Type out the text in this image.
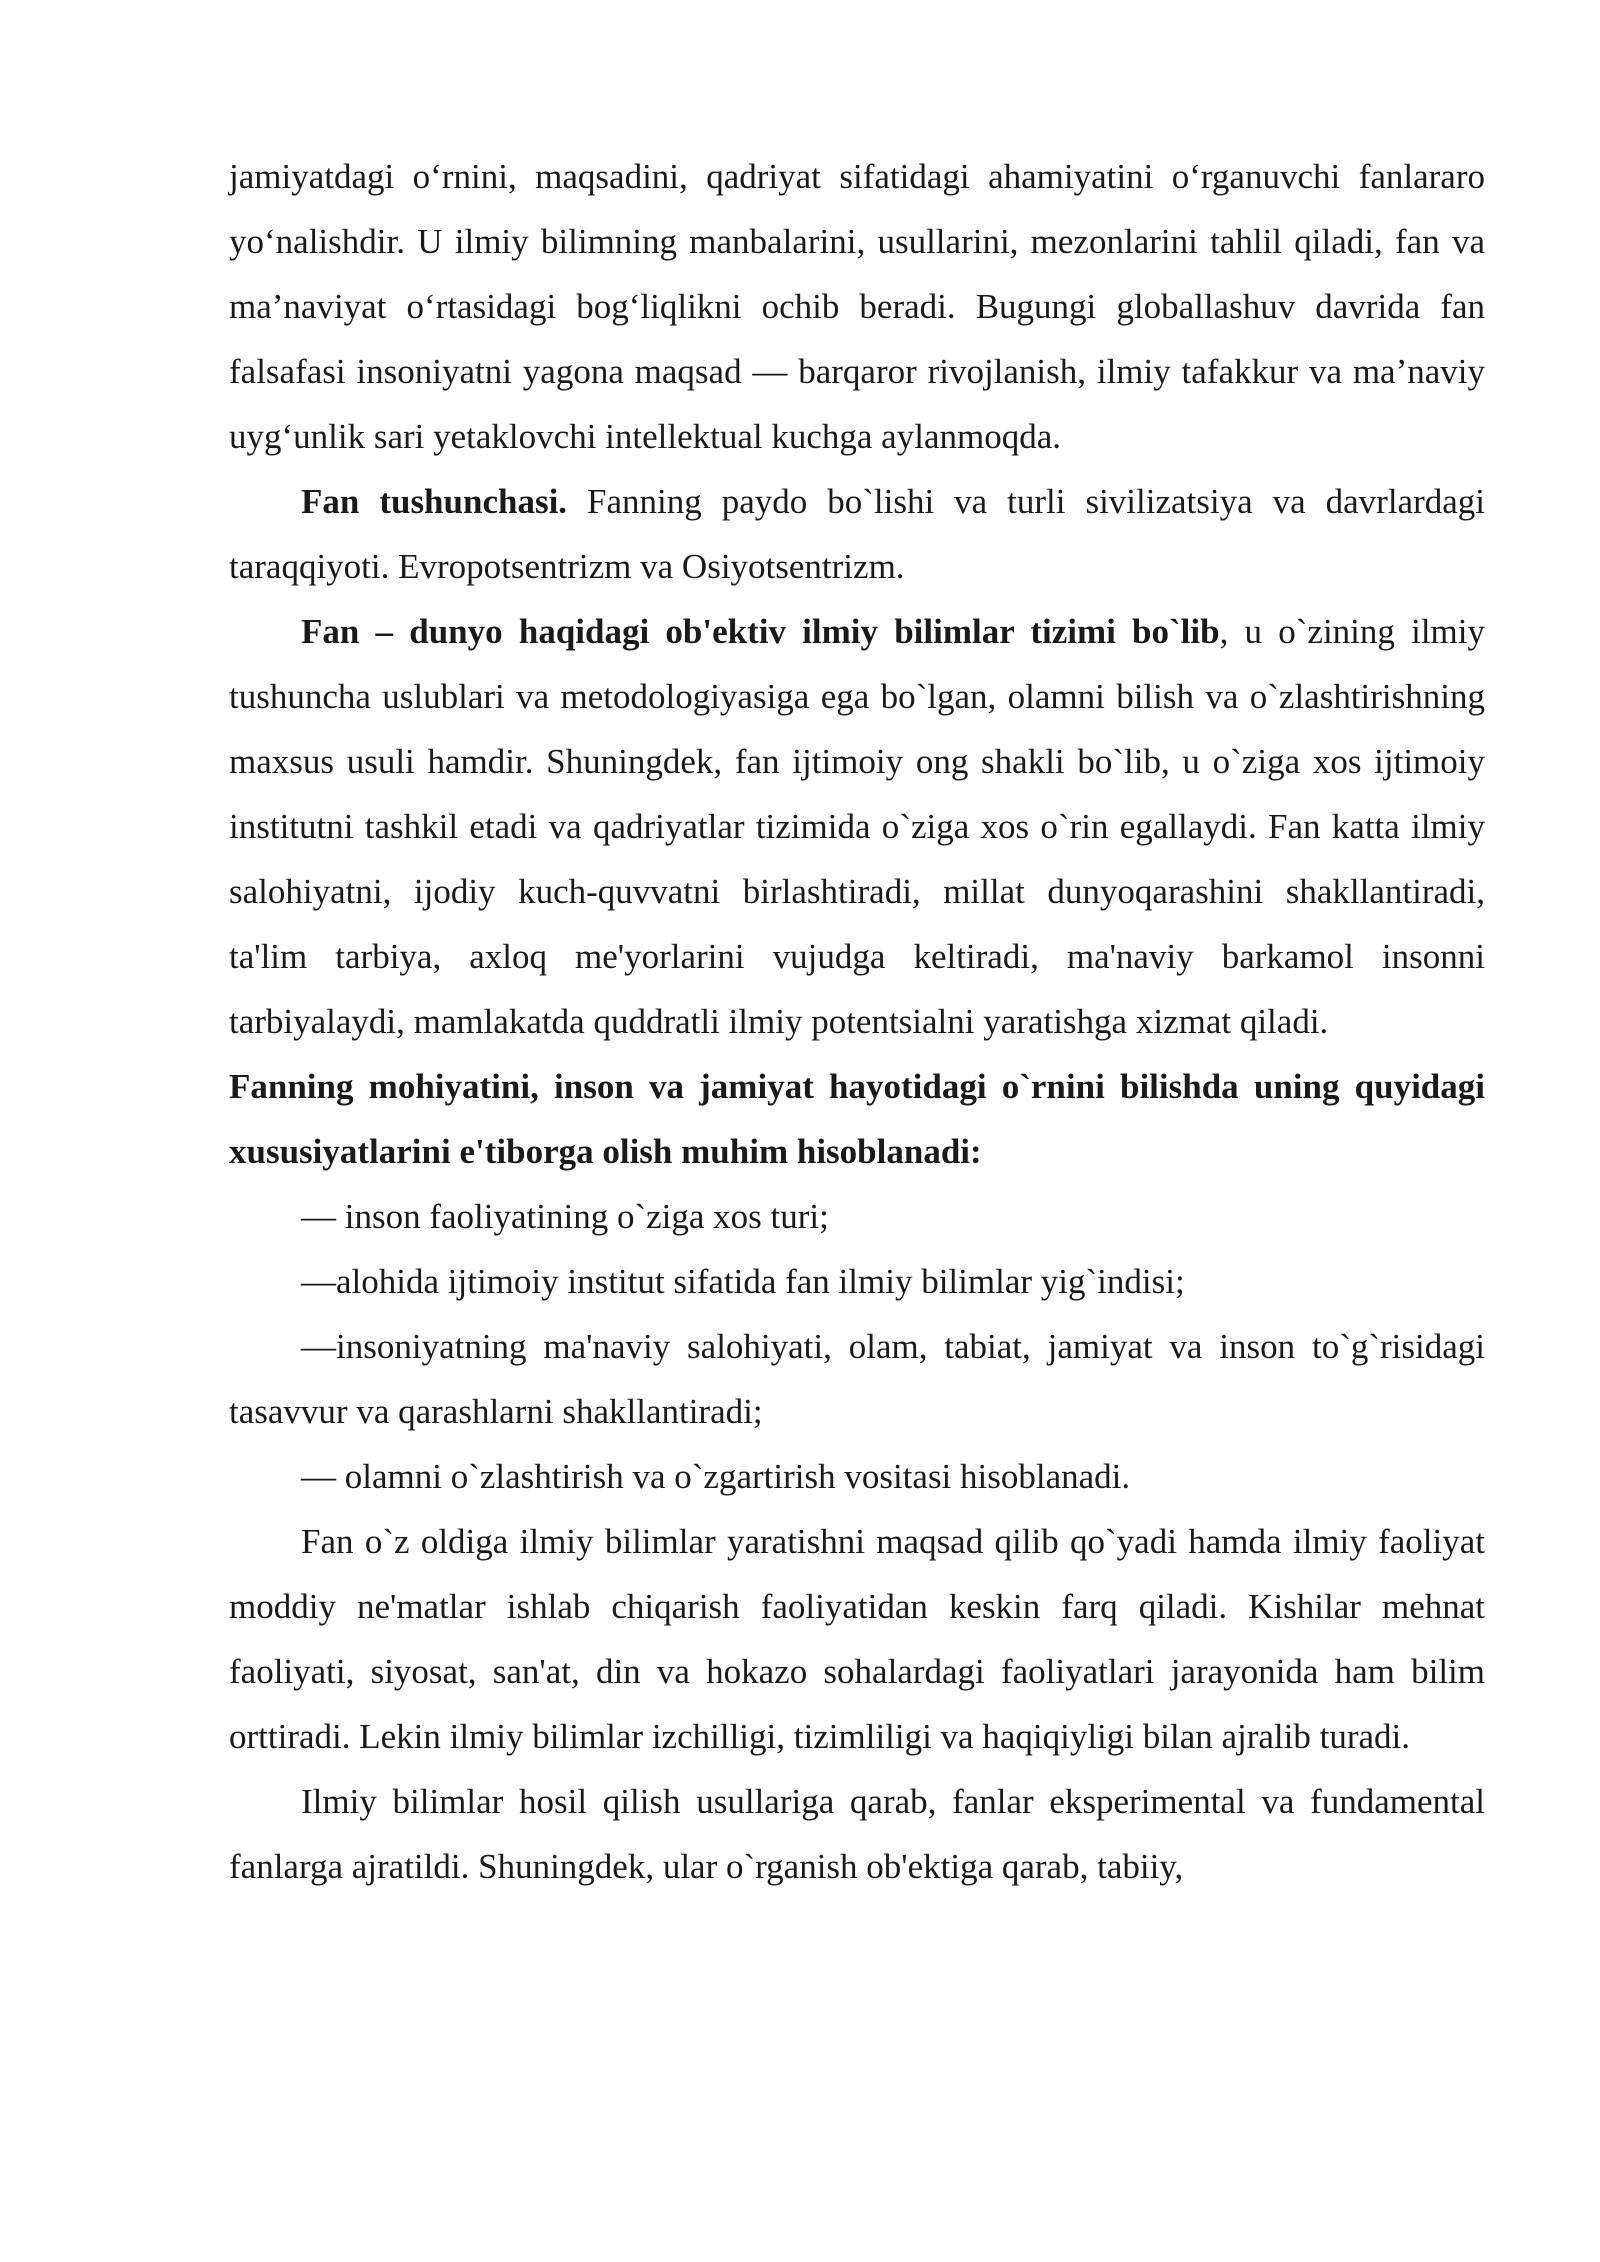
jamiyatdagi o‘rnini, maqsadini, qadriyat sifatidagi ahamiyatini o‘rganuvchi fanlararo yo‘nalishdir. U ilmiy bilimning manbalarini, usullarini, mezonlarini tahlil qiladi, fan va ma’naviyat o‘rtasidagi bog‘liqlikni ochib beradi. Bugungi globallashuv davrida fan falsafasi insoniyatni yagona maqsad — barqaror rivojlanish, ilmiy tafakkur va ma’naviy uyg‘unlik sari yetaklovchi intellektual kuchga aylanmoqda.

Fan tushunchasi. Fanning paydo bo`lishi va turli sivilizatsiya va davrlardagi taraqqiyoti. Evropotsentrizm va Osiyotsentrizm.

Fan – dunyo haqidagi ob'ektiv ilmiy bilimlar tizimi bo`lib, u o`zining ilmiy tushuncha uslublari va metodologiyasiga ega bo`lgan, olamni bilish va o`zlashtirishning maxsus usuli hamdir. Shuningdek, fan ijtimoiy ong shakli bo`lib, u o`ziga xos ijtimoiy institutni tashkil etadi va qadriyatlar tizimida o`ziga xos o`rin egallaydi. Fan katta ilmiy salohiyatni, ijodiy kuch-quvvatni birlashtiradi, millat dunyoqarashini shakllantiradi, ta'lim tarbiya, axloq me'yorlarini vujudga keltiradi, ma'naviy barkamol insonni tarbiyalaydi, mamlakatda quddratli ilmiy potentsialni yaratishga xizmat qiladi.

Fanning mohiyatini, inson va jamiyat hayotidagi o`rnini bilishda uning quyidagi xususiyatlarini e'tiborga olish muhim hisoblanadi:

— inson faoliyatining o`ziga xos turi;

—alohida ijtimoiy institut sifatida fan ilmiy bilimlar yig`indisi;

—insoniyatning ma'naviy salohiyati, olam, tabiat, jamiyat va inson to`g`risidagi tasavvur va qarashlarni shakllantiradi;

— olamni o`zlashtirish va o`zgartirish vositasi hisoblanadi.

Fan o`z oldiga ilmiy bilimlar yaratishni maqsad qilib qo`yadi hamda ilmiy faoliyat moddiy ne'matlar ishlab chiqarish faoliyatidan keskin farq qiladi. Kishilar mehnat faoliyati, siyosat, san'at, din va hokazo sohalardagi faoliyatlari jarayonida ham bilim orttiradi. Lekin ilmiy bilimlar izchilligi, tizimliligi va haqiqiyligi bilan ajralib turadi.

Ilmiy bilimlar hosil qilish usullariga qarab, fanlar eksperimental va fundamental fanlarga ajratildi. Shuningdek, ular o`rganish ob'ektiga qarab, tabiiy,
